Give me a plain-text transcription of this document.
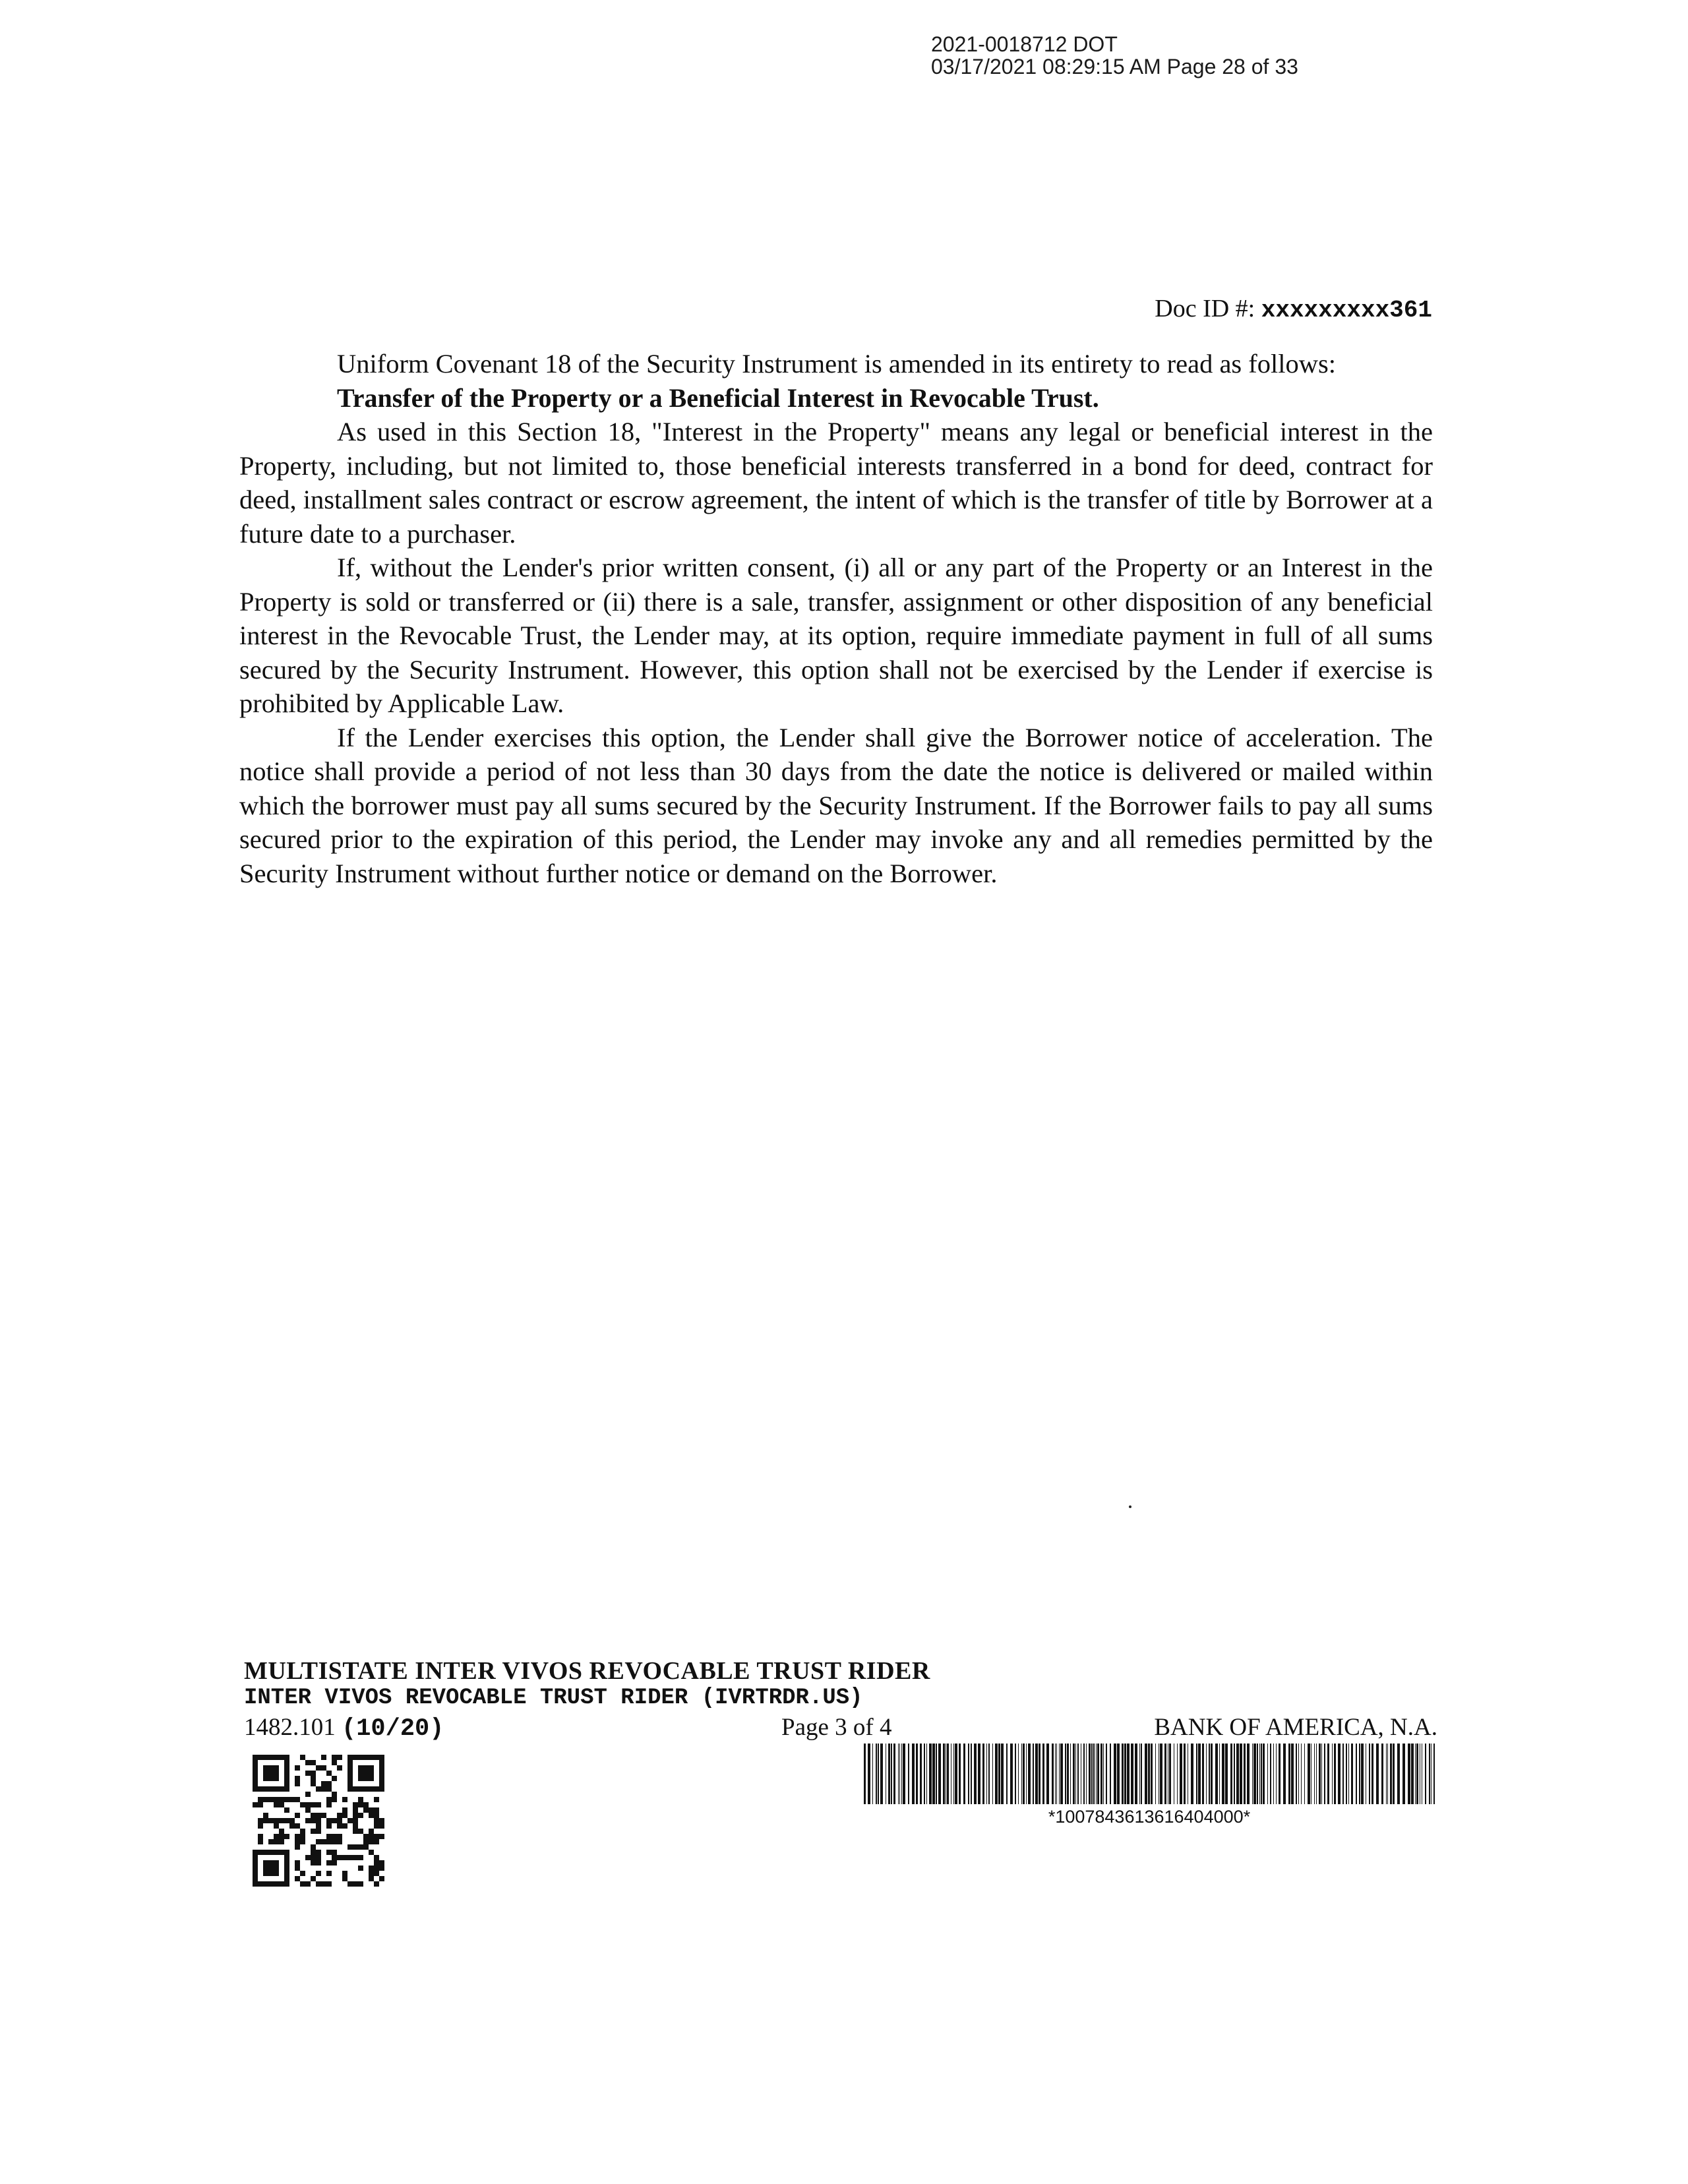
2021-0018712 DOT
03/17/2021 08:29:15 AM Page 28 of 33
Doc ID #: xxxxxxxxx361

Uniform Covenant 18 of the Security Instrument is amended in its entirety to read as follows:

Transfer of the Property or a Beneficial Interest in Revocable Trust.

As used in this Section 18, "Interest in the Property" means any legal or beneficial interest in the Property, including, but not limited to, those beneficial interests transferred in a bond for deed, contract for deed, installment sales contract or escrow agreement, the intent of which is the transfer of title by Borrower at a future date to a purchaser.

If, without the Lender's prior written consent, (i) all or any part of the Property or an Interest in the Property is sold or transferred or (ii) there is a sale, transfer, assignment or other disposition of any beneficial interest in the Revocable Trust, the Lender may, at its option, require immediate payment in full of all sums secured by the Security Instrument. However, this option shall not be exercised by the Lender if exercise is prohibited by Applicable Law.

If the Lender exercises this option, the Lender shall give the Borrower notice of acceleration. The notice shall provide a period of not less than 30 days from the date the notice is delivered or mailed within which the borrower must pay all sums secured by the Security Instrument. If the Borrower fails to pay all sums secured prior to the expiration of this period, the Lender may invoke any and all remedies permitted by the Security Instrument without further notice or demand on the Borrower.

MULTISTATE INTER VIVOS REVOCABLE TRUST RIDER
INTER VIVOS REVOCABLE TRUST RIDER (IVRTRDR.US)
1482.101 (10/20)	Page 3 of 4	BANK OF AMERICA, N.A.
*1007843613616404000*
